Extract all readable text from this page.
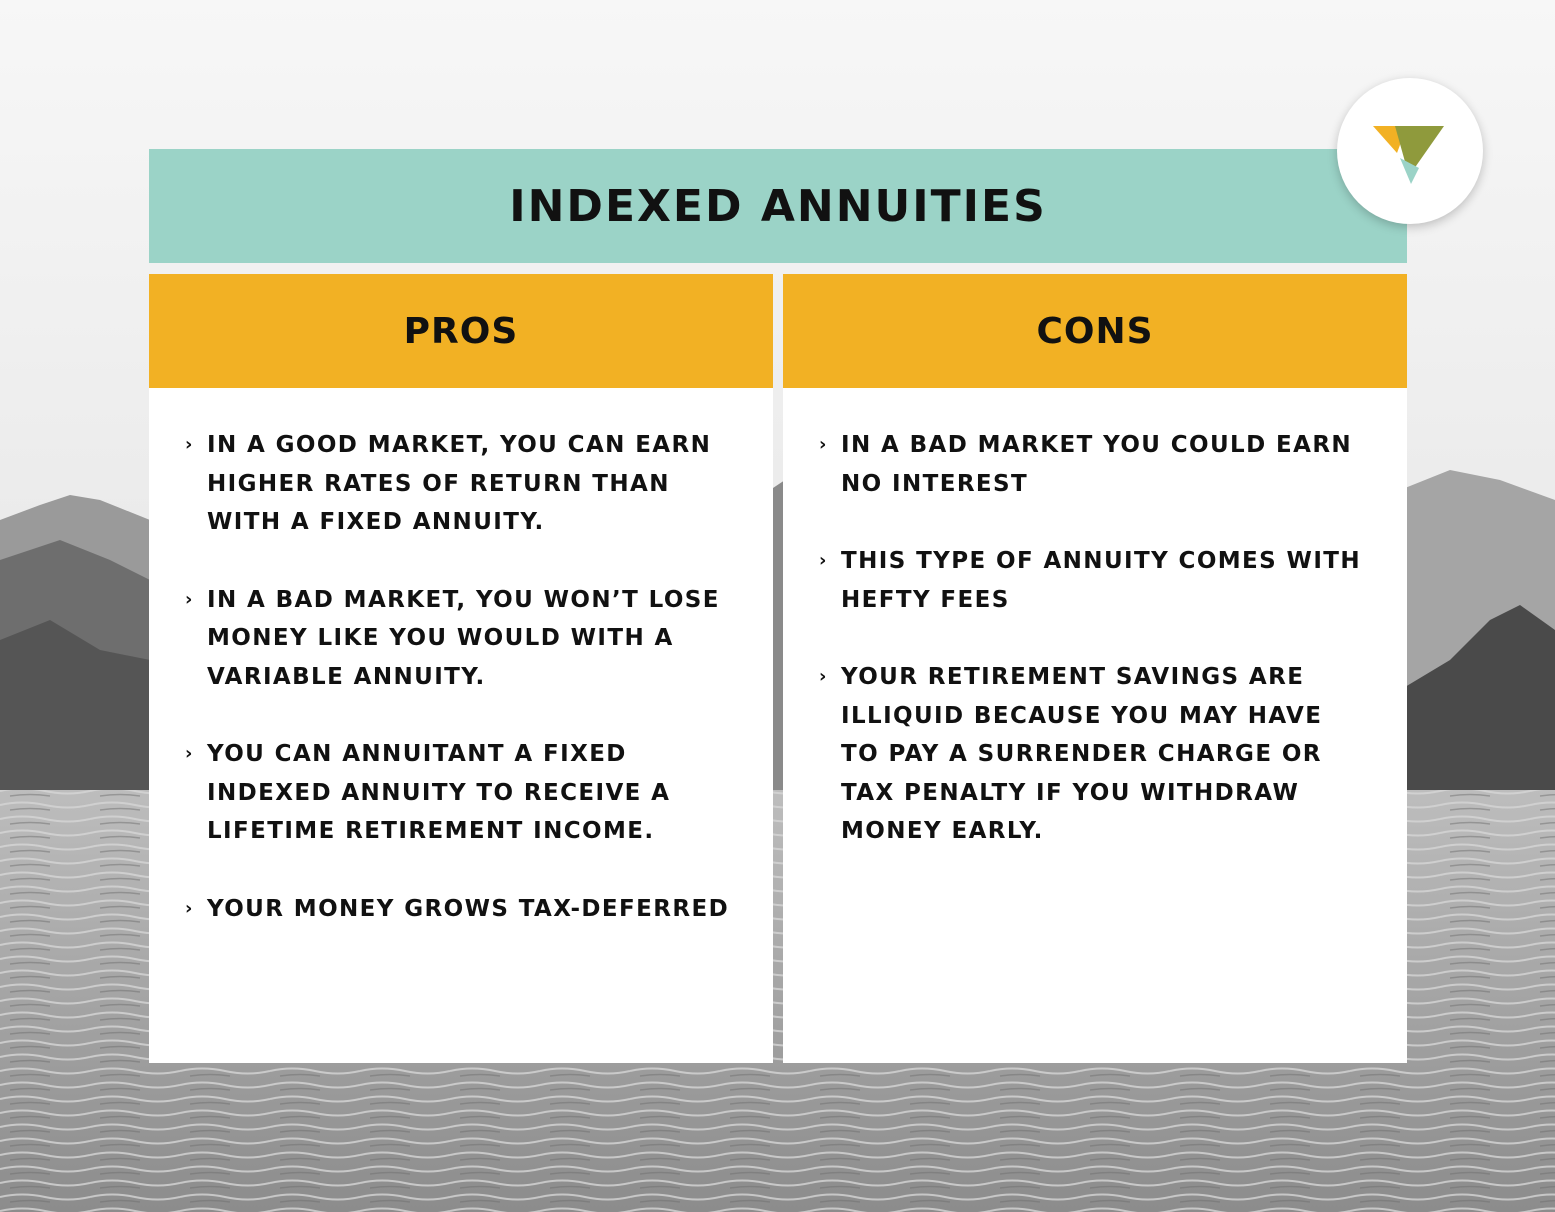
INDEXED ANNUITIES
PROS
› IN A GOOD MARKET, YOU CAN EARN HIGHER RATES OF RETURN THAN WITH A FIXED ANNUITY.
› IN A BAD MARKET, YOU WON’T LOSE MONEY LIKE YOU WOULD WITH A VARIABLE ANNUITY.
› YOU CAN ANNUITANT A FIXED INDEXED ANNUITY TO RECEIVE A LIFETIME RETIREMENT INCOME.
› YOUR MONEY GROWS TAX-DEFERRED
CONS
› IN A BAD MARKET YOU COULD EARN NO INTEREST
› THIS TYPE OF ANNUITY COMES WITH HEFTY FEES
› YOUR RETIREMENT SAVINGS ARE ILLIQUID BECAUSE YOU MAY HAVE TO PAY A SURRENDER CHARGE OR TAX PENALTY IF YOU WITHDRAW MONEY EARLY.
